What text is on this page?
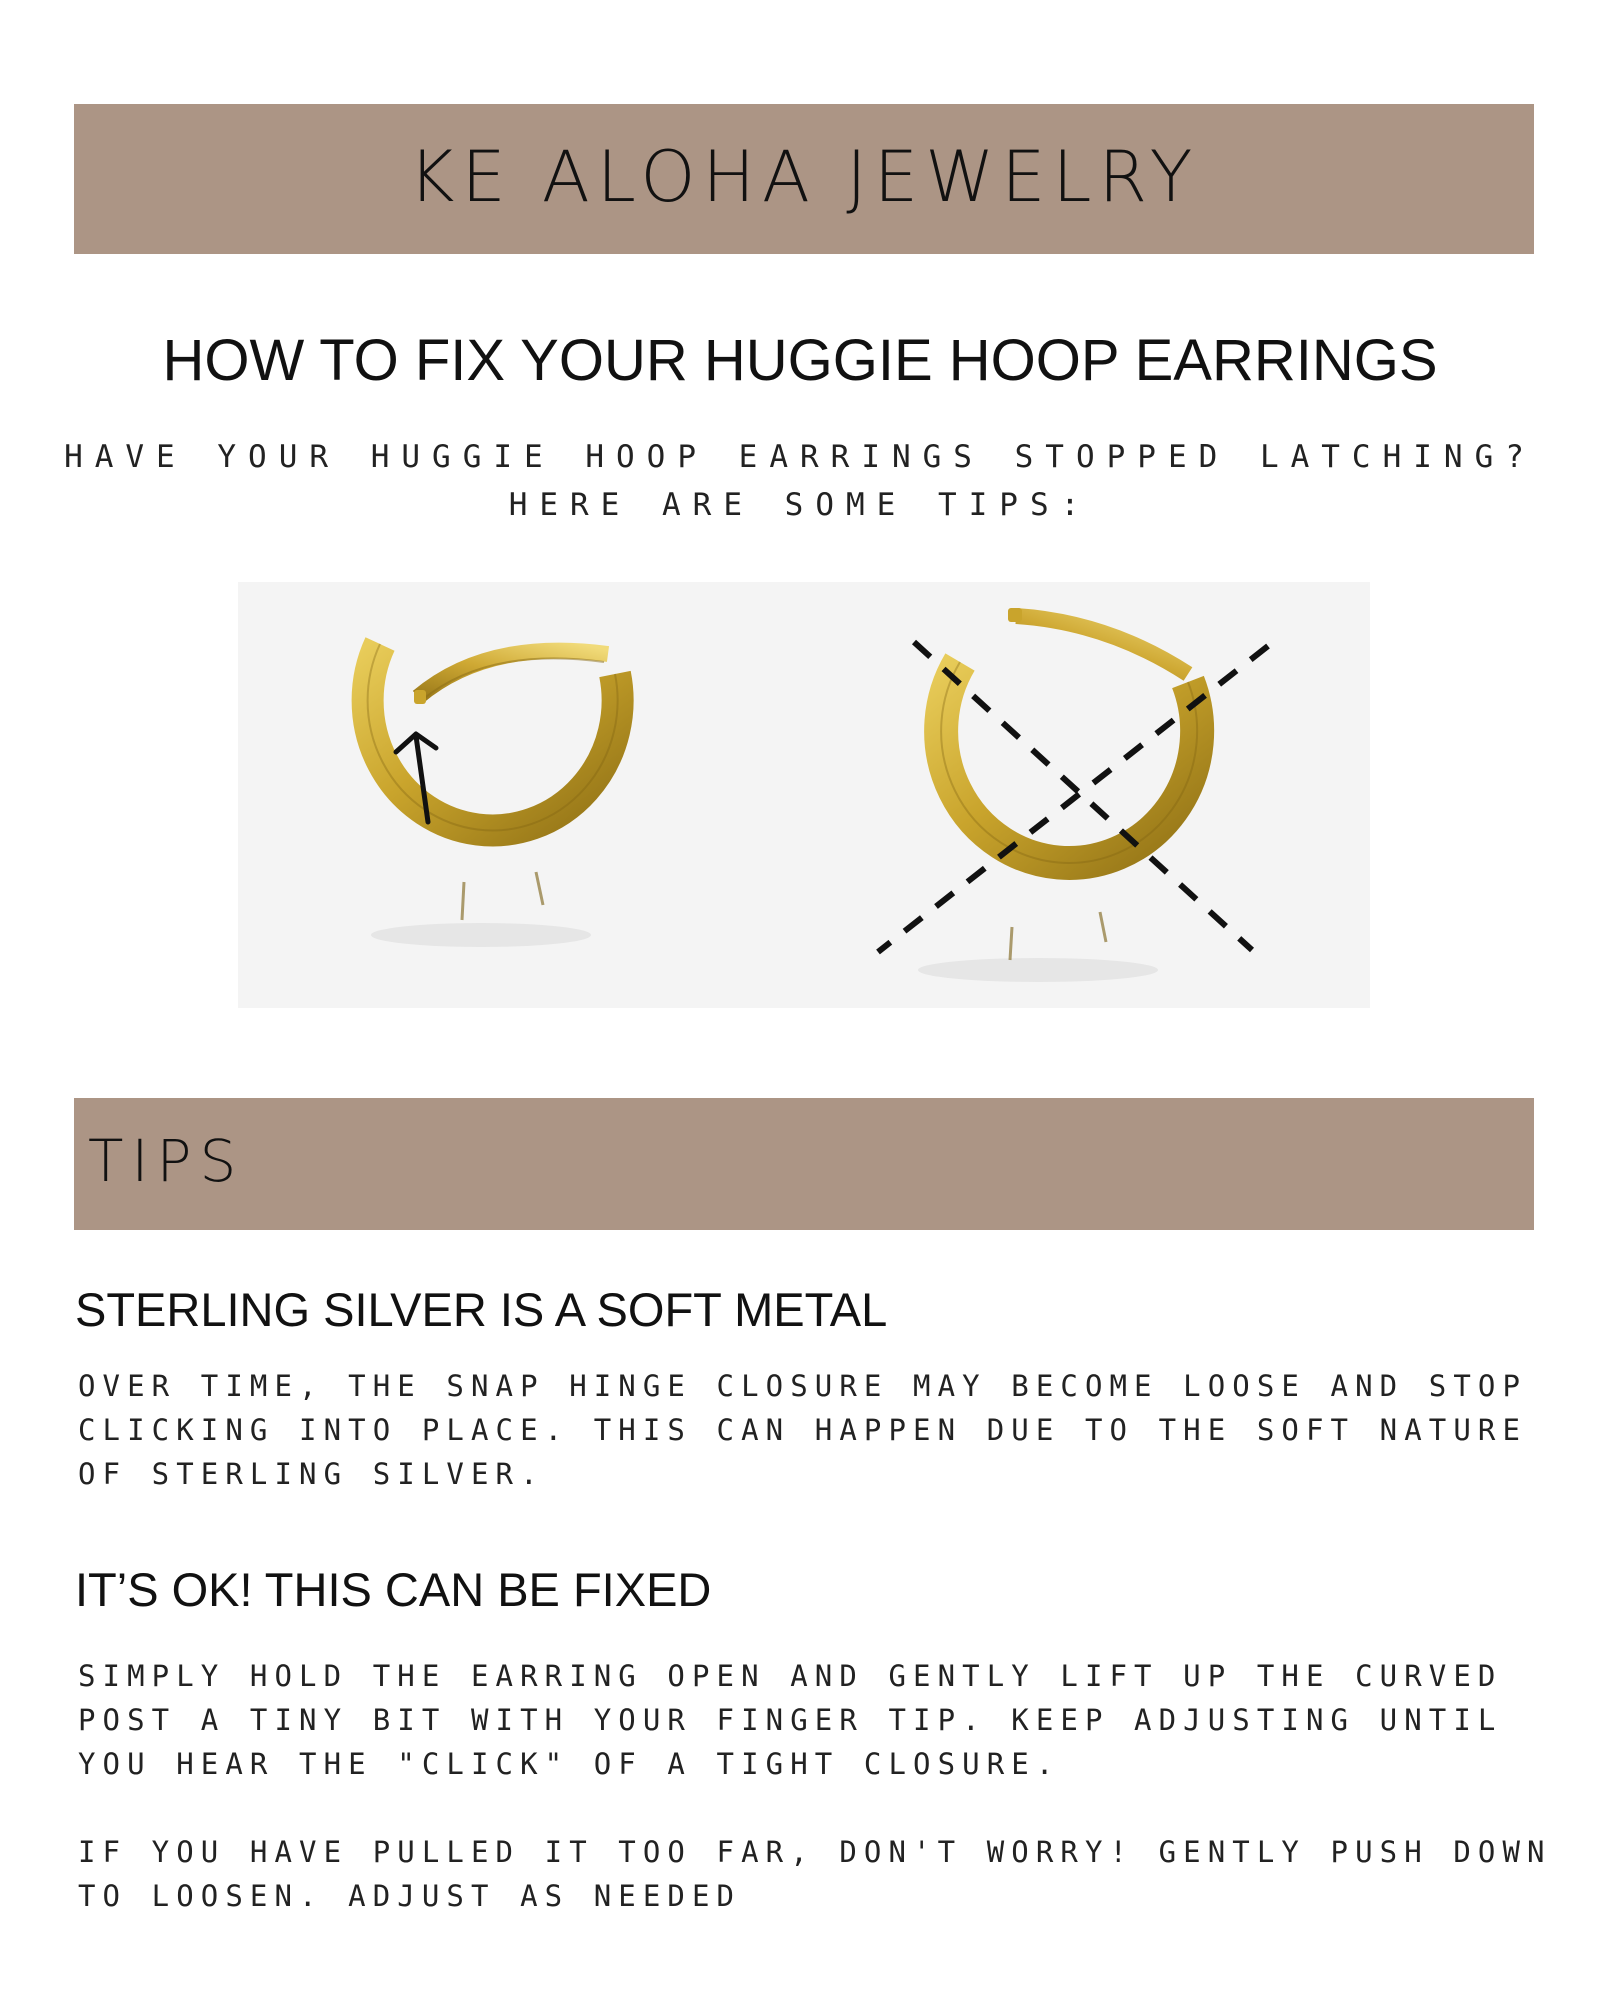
KE ALOHA JEWELRY
HOW TO FIX YOUR HUGGIE HOOP EARRINGS
HAVE YOUR HUGGIE HOOP EARRINGS STOPPED LATCHING?
HERE ARE SOME TIPS:
TIPS
STERLING SILVER IS A SOFT METAL
OVER TIME, THE SNAP HINGE CLOSURE MAY BECOME LOOSE AND STOP
CLICKING INTO PLACE. THIS CAN HAPPEN DUE TO THE SOFT NATURE
OF STERLING SILVER.
IT’S OK! THIS CAN BE FIXED
SIMPLY HOLD THE EARRING OPEN AND GENTLY LIFT UP THE CURVED
POST A TINY BIT WITH YOUR FINGER TIP. KEEP ADJUSTING UNTIL
YOU HEAR THE "CLICK" OF A TIGHT CLOSURE.
IF YOU HAVE PULLED IT TOO FAR, DON'T WORRY! GENTLY PUSH DOWN
TO LOOSEN. ADJUST AS NEEDED
